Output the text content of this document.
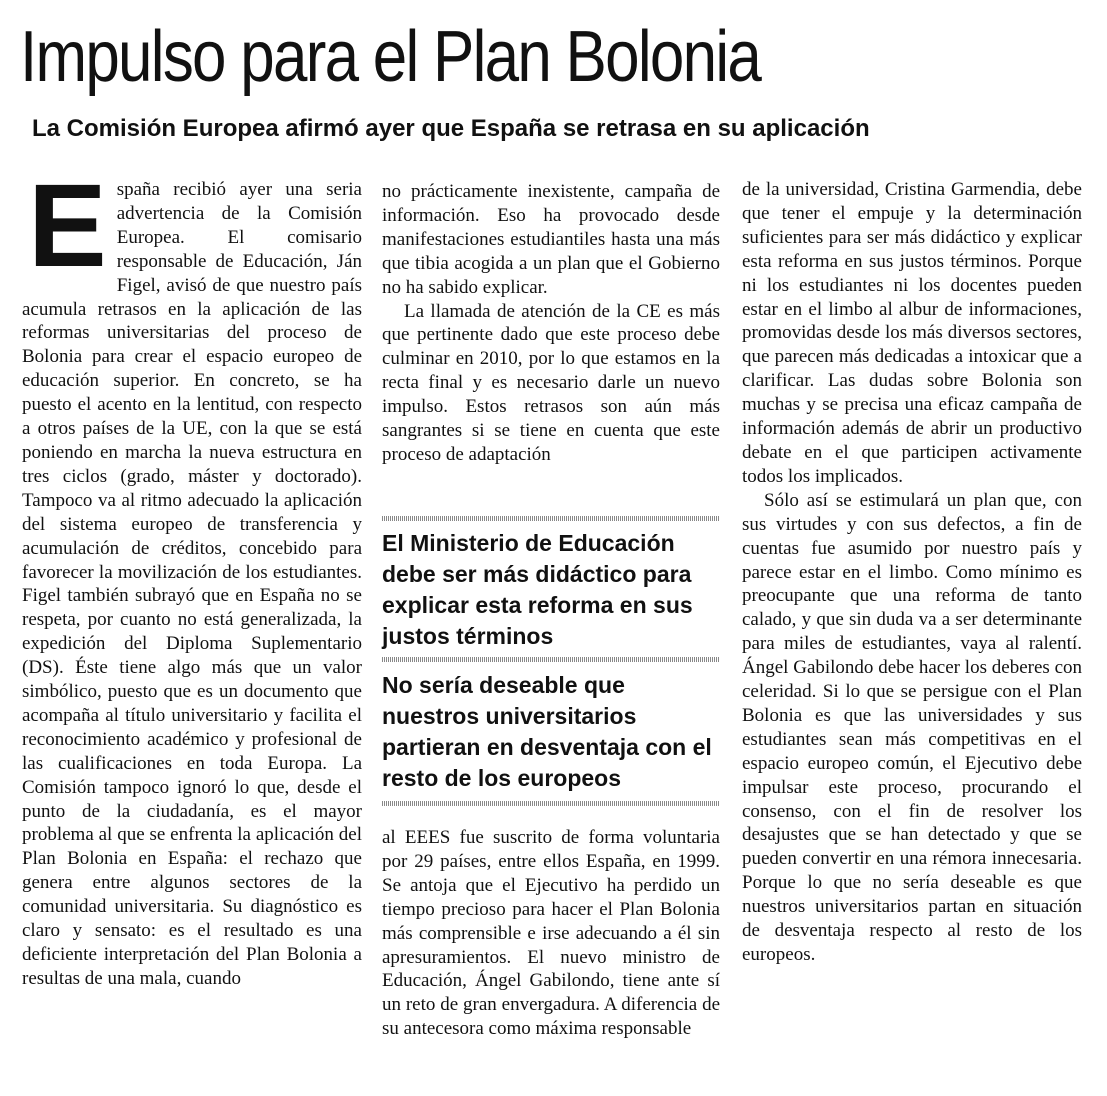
Impulso para el Plan Bolonia
La Comisión Europea afirmó ayer que España se retrasa en su aplicación
E spaña recibió ayer una seria advertencia de la Comisión Europea. El comisario responsable de Educación, Ján Figel, avisó de que nuestro país acumula retrasos en la aplicación de las reformas universitarias del proceso de Bolonia para crear el espacio europeo de educación superior. En concreto, se ha puesto el acento en la lentitud, con respecto a otros países de la UE, con la que se está poniendo en marcha la nueva estructura en tres ciclos (grado, máster y doctorado). Tampoco va al ritmo adecuado la aplicación del sistema europeo de transferencia y acumulación de créditos, concebido para favorecer la movilización de los estudiantes. Figel también subrayó que en España no se respeta, por cuanto no está generalizada, la expedición del Diploma Suplementario (DS). Éste tiene algo más que un valor simbólico, puesto que es un documento que acompaña al título universitario y facilita el reconocimiento académico y profesional de las cualificaciones en toda Europa. La Comisión tampoco ignoró lo que, desde el punto de la ciudadanía, es el mayor problema al que se enfrenta la aplicación del Plan Bolonia en España: el rechazo que genera entre algunos sectores de la comunidad universitaria. Su diagnóstico es claro y sensato: es el resultado es una deficiente interpretación del Plan Bolonia a resultas de una mala, cuando

no prácticamente inexistente, campaña de información. Eso ha provocado desde manifestaciones estudiantiles hasta una más que tibia acogida a un plan que el Gobierno no ha sabido explicar.

La llamada de atención de la CE es más que pertinente dado que este proceso debe culminar en 2010, por lo que estamos en la recta final y es necesario darle un nuevo impulso. Estos retrasos son aún más sangrantes si se tiene en cuenta que este proceso de adaptación

El Ministerio de Educación debe ser más didáctico para explicar esta reforma en sus justos términos

No sería deseable que nuestros universitarios partieran en desventaja con el resto de los europeos

al EEES fue suscrito de forma voluntaria por 29 países, entre ellos España, en 1999. Se antoja que el Ejecutivo ha perdido un tiempo precioso para hacer el Plan Bolonia más comprensible e irse adecuando a él sin apresuramientos. El nuevo ministro de Educación, Ángel Gabilondo, tiene ante sí un reto de gran envergadura. A diferencia de su antecesora como máxima responsable

de la universidad, Cristina Garmendia, debe que tener el empuje y la determinación suficientes para ser más didáctico y explicar esta reforma en sus justos términos. Porque ni los estudiantes ni los docentes pueden estar en el limbo al albur de informaciones, promovidas desde los más diversos sectores, que parecen más dedicadas a intoxicar que a clarificar. Las dudas sobre Bolonia son muchas y se precisa una eficaz campaña de información además de abrir un productivo debate en el que participen activamente todos los implicados.

Sólo así se estimulará un plan que, con sus virtudes y con sus defectos, a fin de cuentas fue asumido por nuestro país y parece estar en el limbo. Como mínimo es preocupante que una reforma de tanto calado, y que sin duda va a ser determinante para miles de estudiantes, vaya al ralentí. Ángel Gabilondo debe hacer los deberes con celeridad. Si lo que se persigue con el Plan Bolonia es que las universidades y sus estudiantes sean más competitivas en el espacio europeo común, el Ejecutivo debe impulsar este proceso, procurando el consenso, con el fin de resolver los desajustes que se han detectado y que se pueden convertir en una rémora innecesaria. Porque lo que no sería deseable es que nuestros universitarios partan en situación de desventaja respecto al resto de los europeos.
